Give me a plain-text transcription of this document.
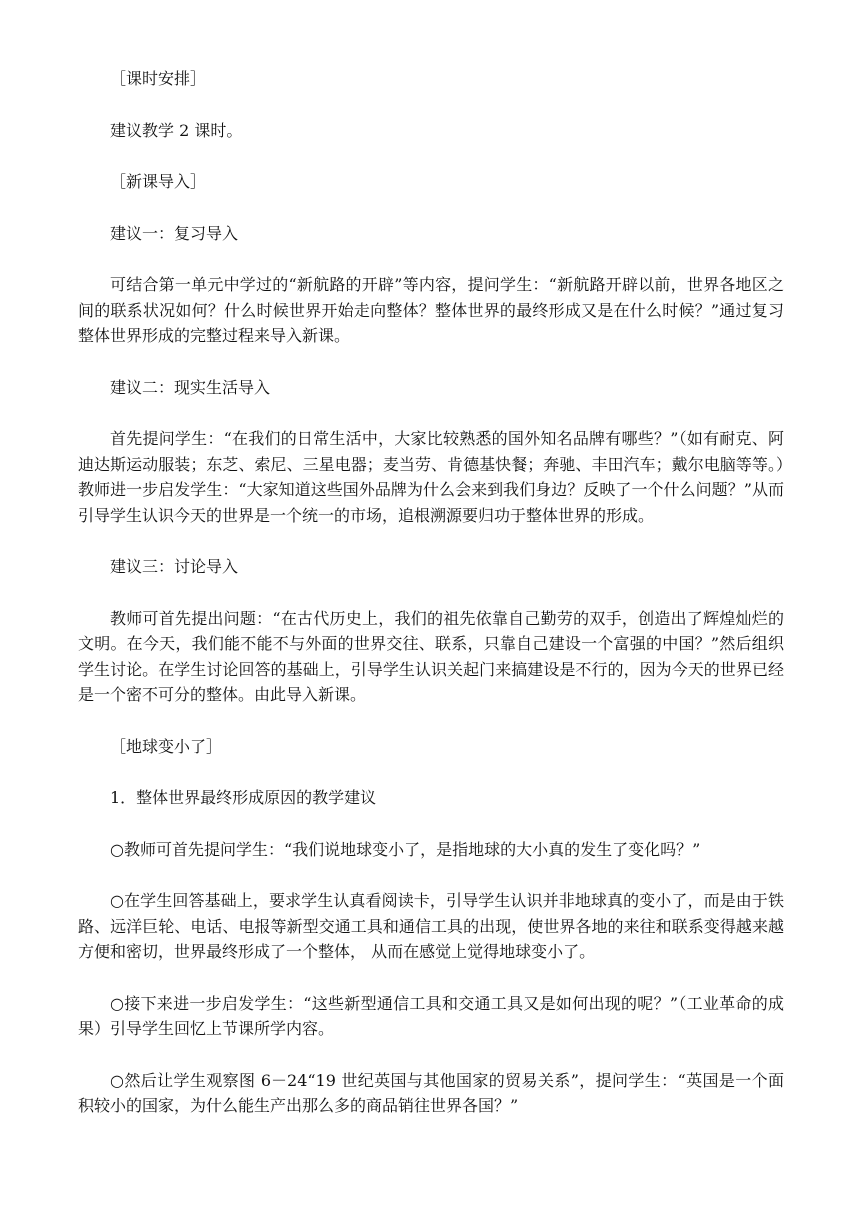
［课时安排］

建议教学 2 课时。

［新课导入］

建议一：复习导入

可结合第一单元中学过的“新航路的开辟”等内容，提问学生：“新航路开辟以前，世界各地区之间的联系状况如何？什么时候世界开始走向整体？整体世界的最终形成又是在什么时候？”通过复习整体世界形成的完整过程来导入新课。

建议二：现实生活导入

首先提问学生：“在我们的日常生活中，大家比较熟悉的国外知名品牌有哪些？”（如有耐克、阿迪达斯运动服装；东芝、索尼、三星电器；麦当劳、肯德基快餐；奔驰、丰田汽车；戴尔电脑等等。）教师进一步启发学生：“大家知道这些国外品牌为什么会来到我们身边？反映了一个什么问题？”从而引导学生认识今天的世界是一个统一的市场，追根溯源要归功于整体世界的形成。

建议三：讨论导入

教师可首先提出问题：“在古代历史上，我们的祖先依靠自己勤劳的双手，创造出了辉煌灿烂的文明。在今天，我们能不能不与外面的世界交往、联系，只靠自己建设一个富强的中国？”然后组织学生讨论。在学生讨论回答的基础上，引导学生认识关起门来搞建设是不行的，因为今天的世界已经是一个密不可分的整体。由此导入新课。

［地球变小了］

1．整体世界最终形成原因的教学建议

○教师可首先提问学生：“我们说地球变小了，是指地球的大小真的发生了变化吗？”

○在学生回答基础上，要求学生认真看阅读卡，引导学生认识并非地球真的变小了，而是由于铁路、远洋巨轮、电话、电报等新型交通工具和通信工具的出现，使世界各地的来往和联系变得越来越方便和密切，世界最终形成了一个整体， 从而在感觉上觉得地球变小了。

○接下来进一步启发学生：“这些新型通信工具和交通工具又是如何出现的呢？”（工业革命的成果）引导学生回忆上节课所学内容。

○然后让学生观察图 6－24“19 世纪英国与其他国家的贸易关系”，提问学生：“英国是一个面积较小的国家，为什么能生产出那么多的商品销往世界各国？”
